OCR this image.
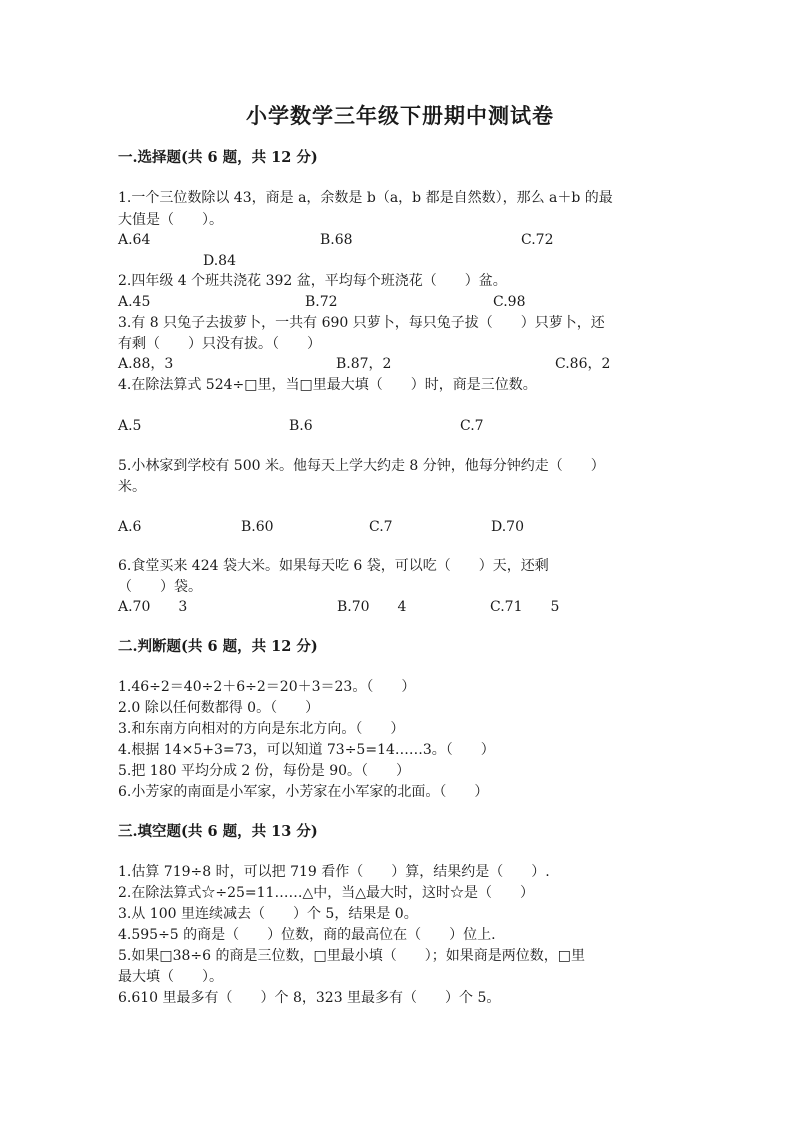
小学数学三年级下册期中测试卷
一.选择题(共 6 题，共 12 分)
1.一个三位数除以 43，商是 a，余数是 b（a，b 都是自然数），那么 a＋b 的最
大值是（　　）。
A.64	B.68	C.72
D.84
2.四年级 4 个班共浇花 392 盆，平均每个班浇花（　　）盆。
A.45	B.72	C.98
3.有 8 只兔子去拔萝卜，一共有 690 只萝卜，每只兔子拔（　　）只萝卜，还
有剩（　　）只没有拔。（　　）
A.88，3	B.87，2	C.86，2
4.在除法算式 524÷□里，当□里最大填（　　）时，商是三位数。
A.5	B.6	C.7
5.小林家到学校有 500 米。他每天上学大约走 8 分钟，他每分钟约走（　　）
米。
A.6	B.60	C.7	D.70
6.食堂买来 424 袋大米。如果每天吃 6 袋，可以吃（　　）天，还剩
（　　）袋。
A.70　　3	B.70　　4	C.71　　5
二.判断题(共 6 题，共 12 分)
1.46÷2＝40÷2＋6÷2＝20＋3＝23。（　　）
2.0 除以任何数都得 0。（　　）
3.和东南方向相对的方向是东北方向。（　　）
4.根据 14×5+3=73，可以知道 73÷5=14……3。（　　）
5.把 180 平均分成 2 份，每份是 90。（　　）
6.小芳家的南面是小军家，小芳家在小军家的北面。（　　）
三.填空题(共 6 题，共 13 分)
1.估算 719÷8 时，可以把 719 看作（　　）算，结果约是（　　）.
2.在除法算式☆÷25=11……△中，当△最大时，这时☆是（　　）
3.从 100 里连续减去（　　）个 5，结果是 0。
4.595÷5 的商是（　　）位数，商的最高位在（　　）位上.
5.如果□38÷6 的商是三位数，□里最小填（　　）；如果商是两位数，□里
最大填（　　）。
6.610 里最多有（　　）个 8，323 里最多有（　　）个 5。
